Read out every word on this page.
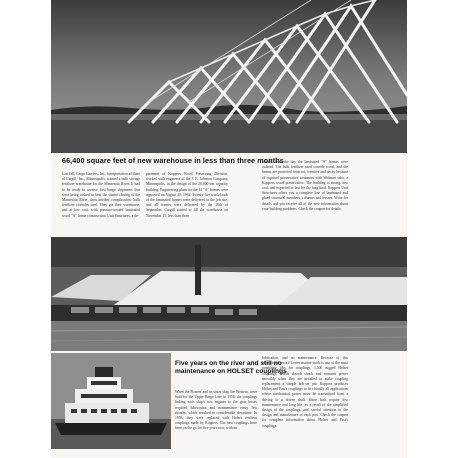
66,400 square feet of new warehouse in less than three months
Last fall, Cargo Carriers, Inc., transportation affiliate of Cargill, Inc., Minneapolis, wanted a bulk storage fertilizer warehouse for the Minnesota River. It had to be ready to receive first barge shipments that were being rushed to beat the winter closing of the Minnesota River, then another complication: bulk fertilizer corrodes steel. They got their warehouse, and at low cost, with pressure-treated laminated wood "A" frame construction. Unit Structures, a de-
partment of Koppers Wood Preserving Division, worked with engineers of the J. E. Johnson Company, Minneapolis, in the design of the 20,000-ton capacity building. Engineering plans for the 41 "A" frames were approved on August 20, 1962. Twenty-five truck-loads of the laminated frames were delivered to the job site, and all frames were delivered by the 20th of September. Cargill started to fill the warehouse on November 15, less than three
months from the day the laminated "A" frames were ordered. The bulk fertilizer used corrode wood, and the beams are protected from rot, termites and decay because of cuprinol preservative treatment with Wolman salts, a Koppers wood preservative. The building is strong, low cost, and expected to last for the long haul. Koppers Unit Structures offers you a complete line of laminated and glued structural members, columns and trusses. Write for details and you receive all of the new information about your building problems. Check the coupon for details.
Five years on the river and still no maintenance on HOLSET couplings
When the Pioneer and its sister ship, the Western, were built for the Upper Barge Line in 1958, the couplings linking each ship's two engines to the gear boxes required lubrication and maintenance every few months, which resulted in considerable downtime. In 1958, they were replaced with Holset resilient couplings made by Koppers. The new couplings have been on the go for five years now, with no
lubrication, and no maintenance. Because of this exceptional record Lower marine work is one of the most punishing jobs for couplings, 1,500 rugged Holset couplings, which absorb shock and transmit power smoothly when they are installed to make coupling replacement a simple bolt-on job. Koppers produces Holset and Fast's couplings to fit virtually all applications where mechanical power must be transmitted from a driving to a driven shaft. Since both require low maintenance and long life, as a result of the simplified design of the couplings, and careful attention to the design and manufacture of each part. Check the coupon for complete information about Holset and Fast's couplings.
